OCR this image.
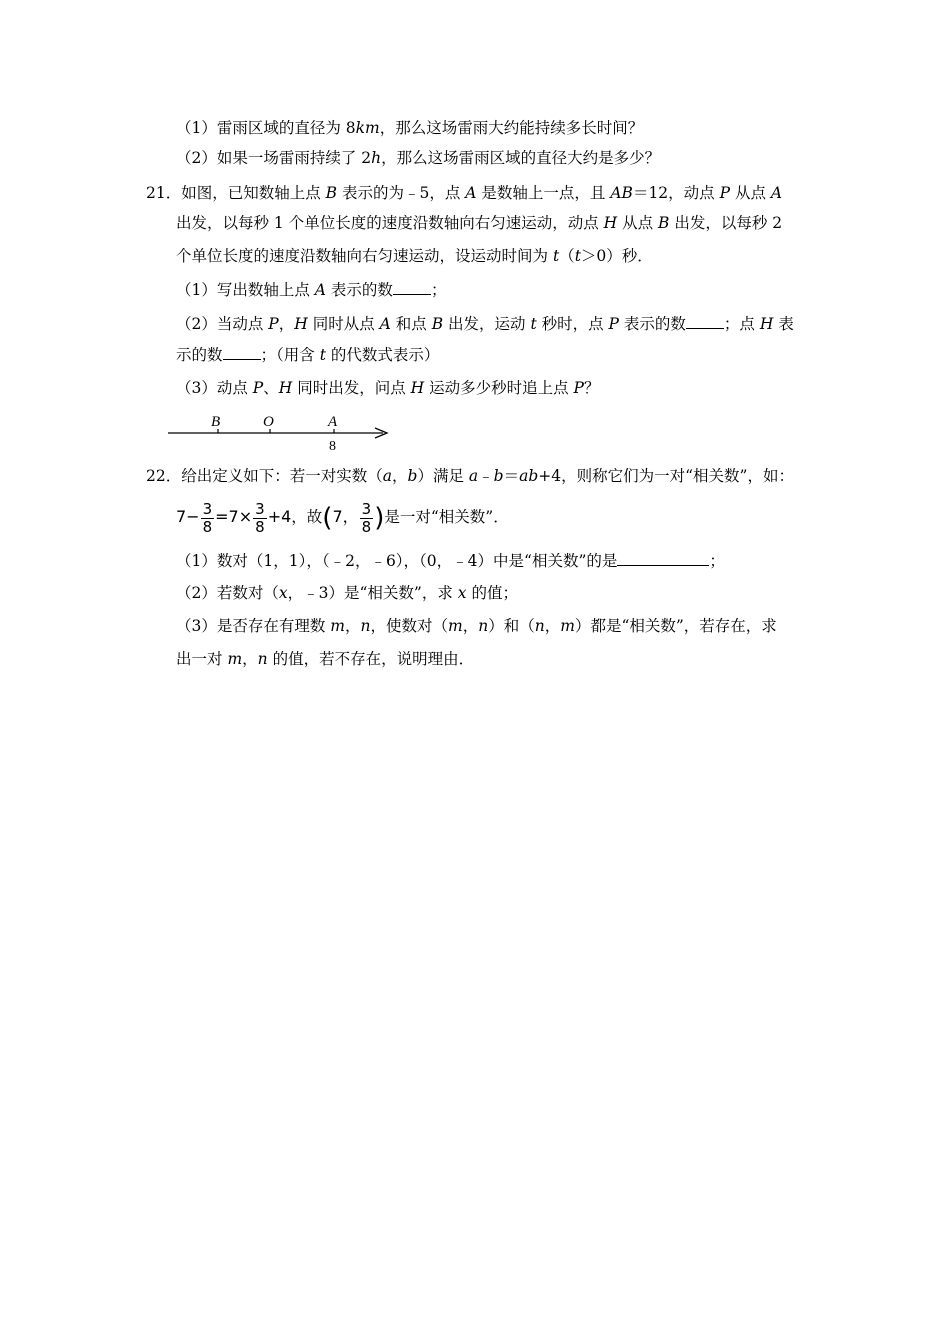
（1）雷雨区域的直径为 8km，那么这场雷雨大约能持续多长时间？
（2）如果一场雷雨持续了 2h，那么这场雷雨区域的直径大约是多少？
21．如图，已知数轴上点 B 表示的为﹣5，点 A 是数轴上一点，且 AB＝12，动点 P 从点 A
出发，以每秒 1 个单位长度的速度沿数轴向右匀速运动，动点 H 从点 B 出发，以每秒 2
个单位长度的速度沿数轴向右匀速运动，设运动时间为 t（t＞0）秒．
（1）写出数轴上点 A 表示的数 ；
（2）当动点 P，H 同时从点 A 和点 B 出发，运动 t 秒时，点 P 表示的数 ；点 H 表
示的数 ；（用含 t 的代数式表示）
（3）动点 P、H 同时出发，问点 H 运动多少秒时追上点 P？
B	O	A
8
22．给出定义如下：若一对实数（a，b）满足 a﹣b＝ab+4，则称它们为一对“相关数”，如：
$7- \frac{3}{8} =7\times \frac{3}{8} +4$，故(7， $\frac{3}{8}$ )是一对“相关数”．
（1）数对（1，1），（﹣2，﹣6），（0，﹣4）中是“相关数”的是	；
（2）若数对（x，﹣3）是“相关数”，求 x 的值；
（3）是否存在有理数 m，n，使数对（m，n）和（n，m）都是“相关数”，若存在，求
出一对 m，n 的值，若不存在，说明理由．
